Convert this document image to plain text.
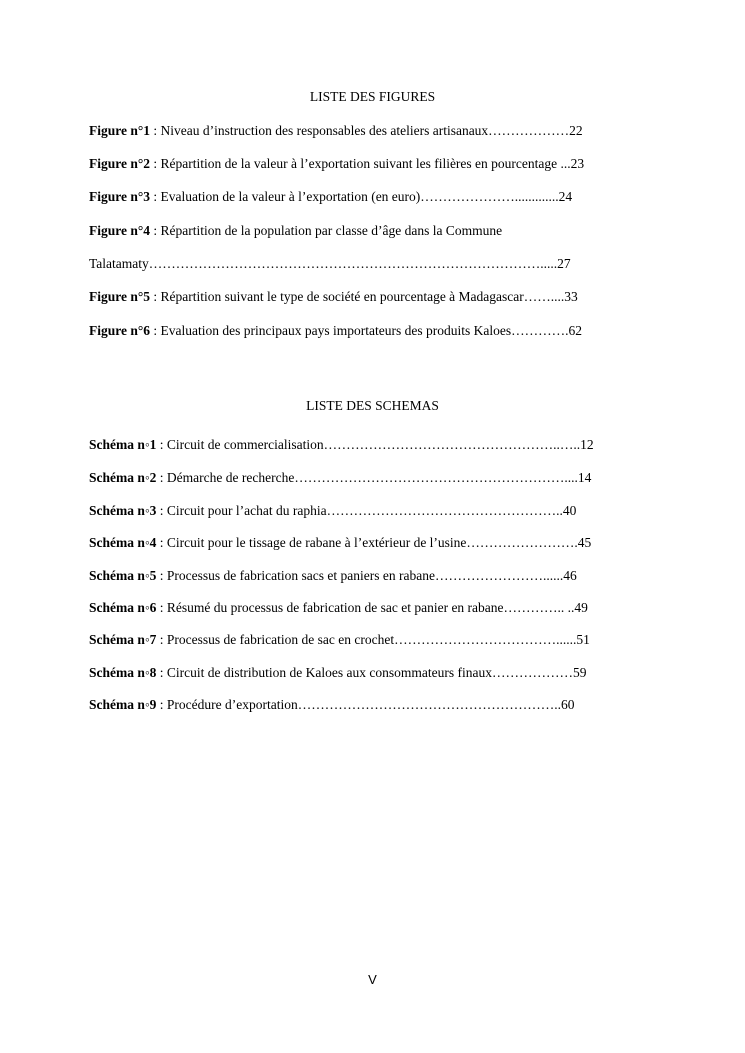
LISTE DES FIGURES
Figure n°1 : Niveau d’instruction des responsables des ateliers artisanaux………………22
Figure n°2 : Répartition de la valeur à l’exportation suivant les filières en pourcentage ...23
Figure n°3 : Evaluation de la valeur à l’exportation (en euro)………………….............24
Figure n°4 : Répartition de la population par classe d’âge dans la Commune
Talatamaty…………………………………………………………………………….....27
Figure n°5 : Répartition suivant le type de société en pourcentage à Madagascar……....33
Figure n°6 : Evaluation des principaux pays importateurs des produits Kaloes………….62
LISTE DES SCHEMAS
Schéma n◦1 : Circuit de commercialisation……………………………………………..…..12
Schéma n◦2 : Démarche de recherche……………………………………………………....14
Schéma n◦3 : Circuit pour l’achat du raphia……………………………………………..40
Schéma n◦4 : Circuit pour le tissage de rabane à l’extérieur de l’usine…………………….45
Schéma n◦5 : Processus de fabrication sacs et paniers en rabane……………………......46
Schéma n◦6 : Résumé du processus de fabrication de sac et panier en rabane………….. ..49
Schéma n◦7 : Processus de fabrication de sac en crochet………………………………......51
Schéma n◦8 : Circuit de distribution de Kaloes aux consommateurs finaux………………59
Schéma n◦9 : Procédure d’exportation…………………………………………………..60
V
